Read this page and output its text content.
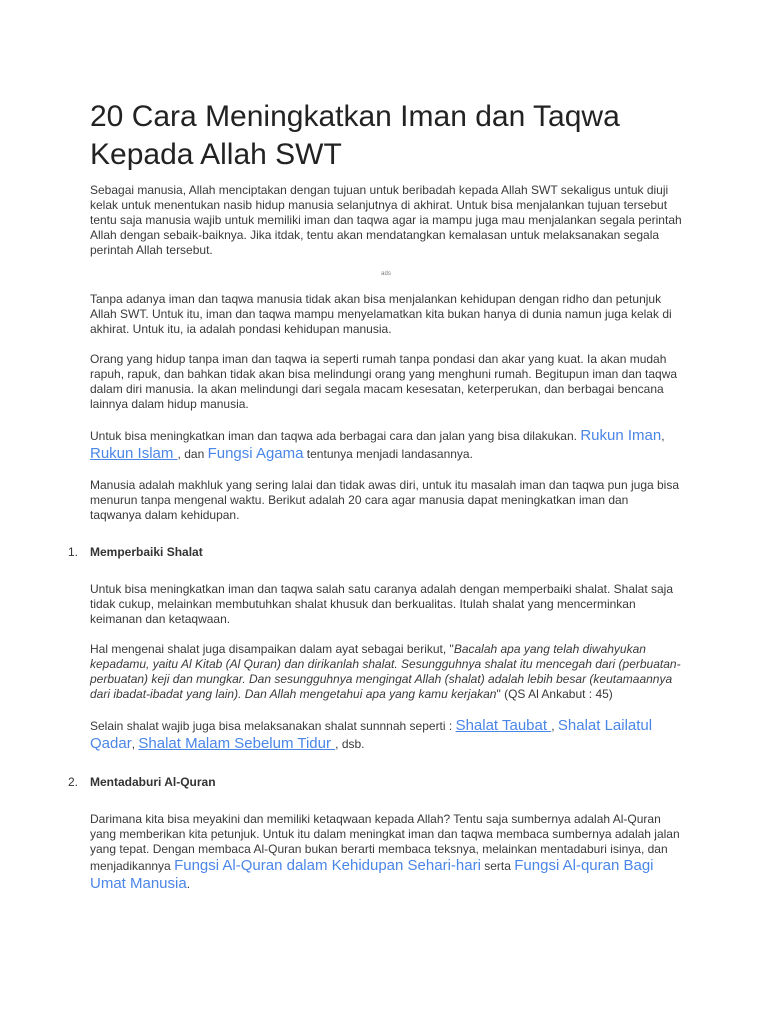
20 Cara Meningkatkan Iman dan Taqwa Kepada Allah SWT

Sebagai manusia, Allah menciptakan dengan tujuan untuk beribadah kepada Allah SWT sekaligus untuk diuji kelak untuk menentukan nasib hidup manusia selanjutnya di akhirat. Untuk bisa menjalankan tujuan tersebut tentu saja manusia wajib untuk memiliki iman dan taqwa agar ia mampu juga mau menjalankan segala perintah Allah dengan sebaik-baiknya. Jika itdak, tentu akan mendatangkan kemalasan untuk melaksanakan segala perintah Allah tersebut.

ads

Tanpa adanya iman dan taqwa manusia tidak akan bisa menjalankan kehidupan dengan ridho dan petunjuk Allah SWT. Untuk itu, iman dan taqwa mampu menyelamatkan kita bukan hanya di dunia namun juga kelak di akhirat. Untuk itu, ia adalah pondasi kehidupan manusia.

Orang yang hidup tanpa iman dan taqwa ia seperti rumah tanpa pondasi dan akar yang kuat. Ia akan mudah rapuh, rapuk, dan bahkan tidak akan bisa melindungi orang yang menghuni rumah. Begitupun iman dan taqwa dalam diri manusia. Ia akan melindungi dari segala macam kesesatan, keterperukan, dan berbagai bencana lainnya dalam hidup manusia.

Untuk bisa meningkatkan iman dan taqwa ada berbagai cara dan jalan yang bisa dilakukan. Rukun Iman, Rukun Islam , dan Fungsi Agama tentunya menjadi landasannya.

Manusia adalah makhluk yang sering lalai dan tidak awas diri, untuk itu masalah iman dan taqwa pun juga bisa menurun tanpa mengenal waktu. Berikut adalah 20 cara agar manusia dapat meningkatkan iman dan taqwanya dalam kehidupan.

1. Memperbaiki Shalat

Untuk bisa meningkatkan iman dan taqwa salah satu caranya adalah dengan memperbaiki shalat. Shalat saja tidak cukup, melainkan membutuhkan shalat khusuk dan berkualitas. Itulah shalat yang mencerminkan keimanan dan ketaqwaan.

Hal mengenai shalat juga disampaikan dalam ayat sebagai berikut, "Bacalah apa yang telah diwahyukan kepadamu, yaitu Al Kitab (Al Quran) dan dirikanlah shalat. Sesungguhnya shalat itu mencegah dari (perbuatan- perbuatan) keji dan mungkar. Dan sesungguhnya mengingat Allah (shalat) adalah lebih besar (keutamaannya dari ibadat-ibadat yang lain). Dan Allah mengetahui apa yang kamu kerjakan" (QS Al Ankabut : 45)

Selain shalat wajib juga bisa melaksanakan shalat sunnnah seperti : Shalat Taubat , Shalat Lailatul Qadar, Shalat Malam Sebelum Tidur , dsb.

2. Mentadaburi Al-Quran

Darimana kita bisa meyakini dan memiliki ketaqwaan kepada Allah? Tentu saja sumbernya adalah Al-Quran yang memberikan kita petunjuk. Untuk itu dalam meningkat iman dan taqwa membaca sumbernya adalah jalan yang tepat. Dengan membaca Al-Quran bukan berarti membaca teksnya, melainkan mentadaburi isinya, dan menjadikannya Fungsi Al-Quran dalam Kehidupan Sehari-hari serta Fungsi Al-quran Bagi Umat Manusia.
